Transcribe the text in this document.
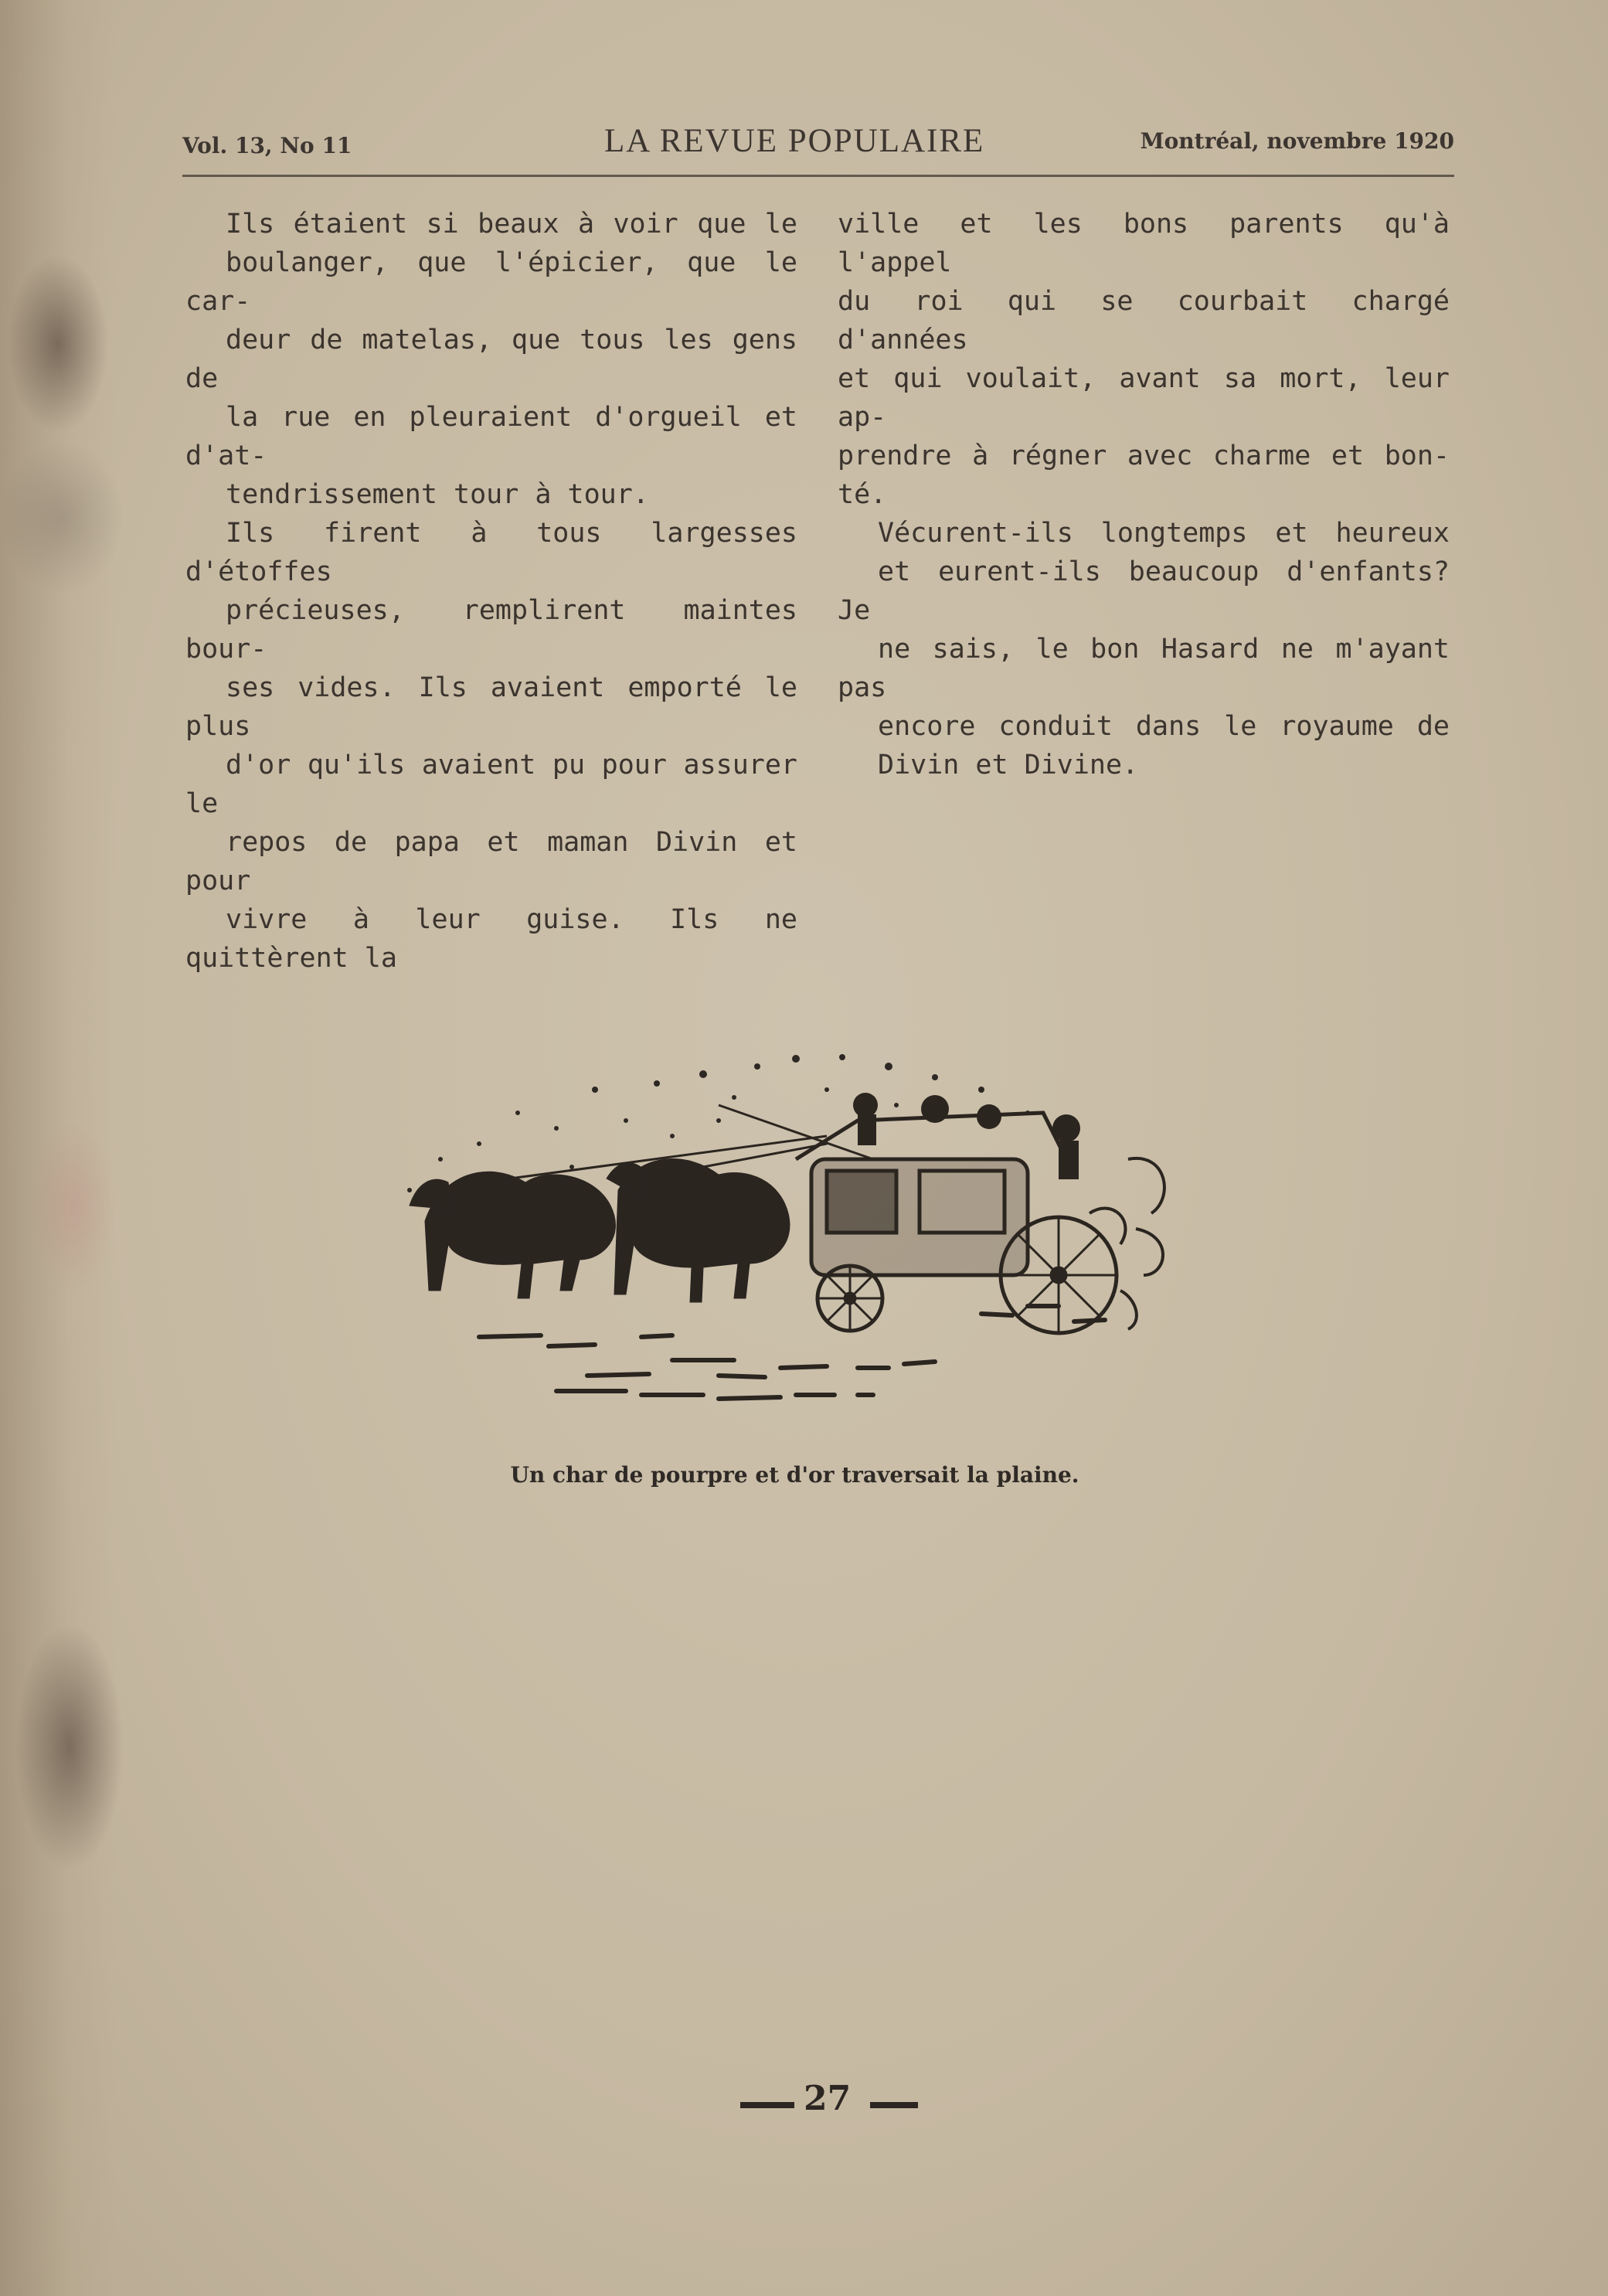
Vol. 13, No 11	LA REVUE POPULAIRE	Montréal, novembre 1920

Ils étaient si beaux à voir que le
boulanger, que l'épicier, que le car-
deur de matelas, que tous les gens de
la rue en pleuraient d'orgueil et d'at-
tendrissement tour à tour.

Ils firent à tous largesses d'étoffes
précieuses, remplirent maintes bour-
ses vides. Ils avaient emporté le plus
d'or qu'ils avaient pu pour assurer le
repos de papa et maman Divin et pour
vivre à leur guise. Ils ne quittèrent la

ville et les bons parents qu'à l'appel
du roi qui se courbait chargé d'années
et qui voulait, avant sa mort, leur ap-
prendre à régner avec charme et bon-
té.

Vécurent-ils longtemps et heureux
et eurent-ils beaucoup d'enfants? Je
ne sais, le bon Hasard ne m'ayant pas
encore conduit dans le royaume de
Divin et Divine.

Un char de pourpre et d'or traversait la plaine.
27
